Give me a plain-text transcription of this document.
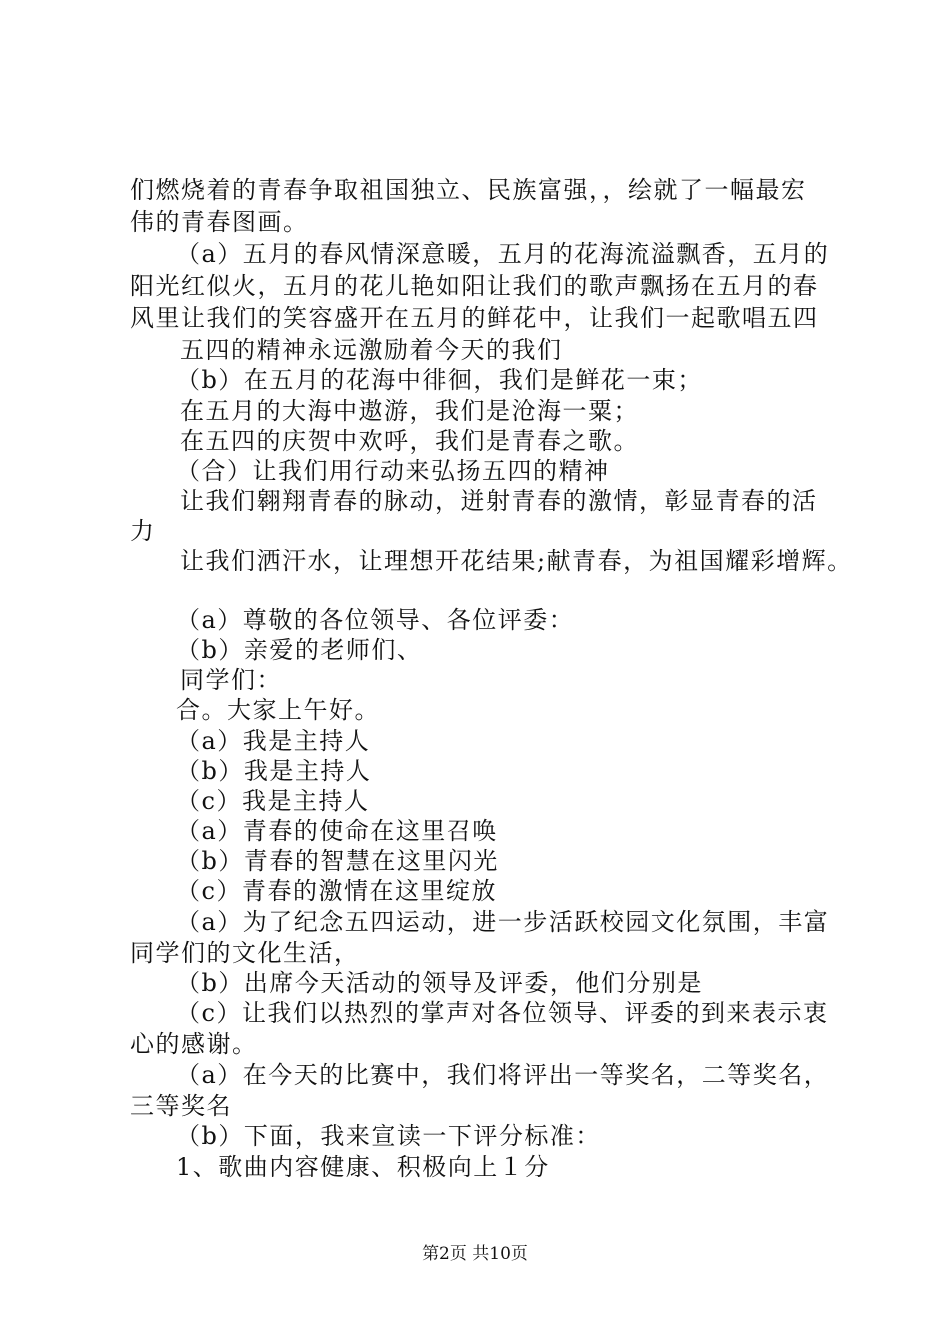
们燃烧着的青春争取祖国独立、民族富强，，绘就了一幅最宏
伟的青春图画。
（a）五月的春风情深意暖，五月的花海流溢飘香，五月的
阳光红似火，五月的花儿艳如阳让我们的歌声飘扬在五月的春
风里让我们的笑容盛开在五月的鲜花中，让我们一起歌唱五四
五四的精神永远激励着今天的我们
（b）在五月的花海中徘徊，我们是鲜花一束；
在五月的大海中遨游，我们是沧海一粟；
在五四的庆贺中欢呼，我们是青春之歌。
（合）让我们用行动来弘扬五四的精神
让我们翱翔青春的脉动，迸射青春的激情，彰显青春的活
力
让我们洒汗水，让理想开花结果;献青春，为祖国耀彩增辉。
（a）尊敬的各位领导、各位评委：
（b）亲爱的老师们、
同学们：
合。大家上午好。
（a）我是主持人
（b）我是主持人
（c）我是主持人
（a）青春的使命在这里召唤
（b）青春的智慧在这里闪光
（c）青春的激情在这里绽放
（a）为了纪念五四运动，进一步活跃校园文化氛围，丰富
同学们的文化生活，
（b）出席今天活动的领导及评委，他们分别是
（c）让我们以热烈的掌声对各位领导、评委的到来表示衷
心的感谢。
（a）在今天的比赛中，我们将评出一等奖名，二等奖名，
三等奖名
（b）下面，我来宣读一下评分标准：
1、歌曲内容健康、积极向上１分
第2页 共10页
